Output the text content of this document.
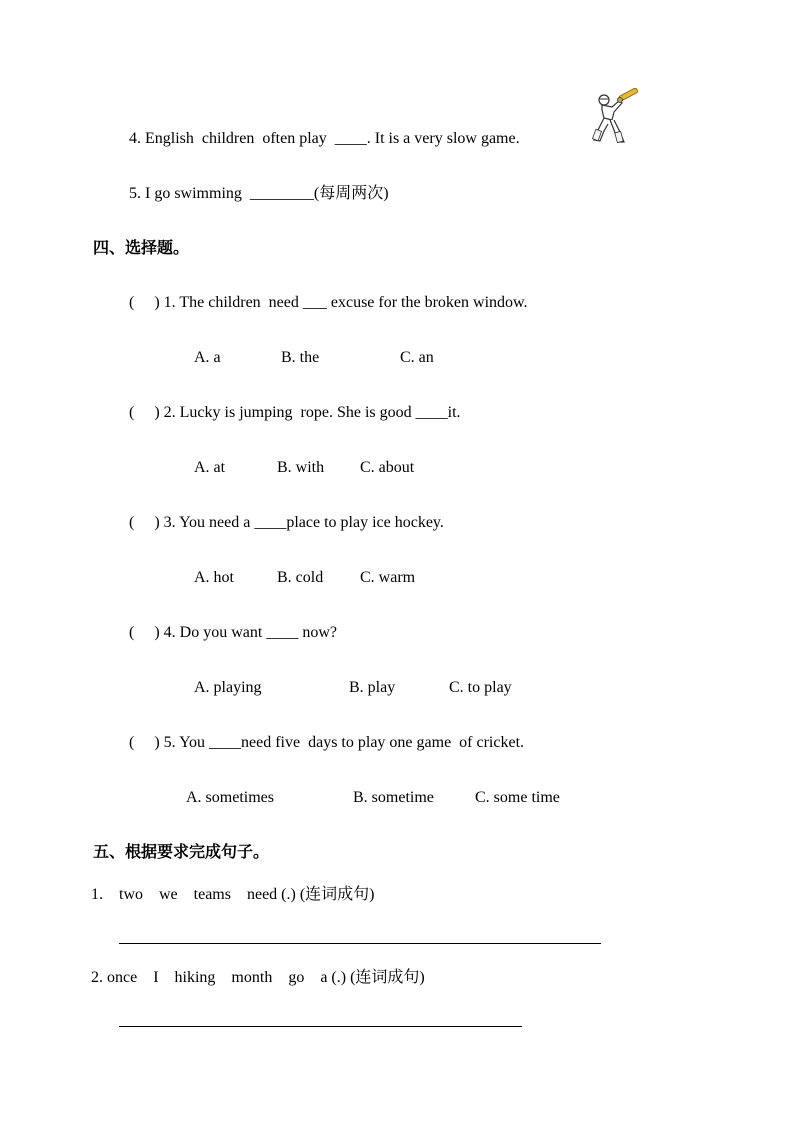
4. English  children  often play  ____. It is a very slow game.
5. I go swimming  ________(每周两次)
四、选择题。
(     ) 1. The children  need ___ excuse for the broken window.
A. a	B. the	C. an
(     ) 2. Lucky is jumping  rope. She is good ____it.
A. at	B. with C. about
(     ) 3. You need a ____place to play ice hockey.
A. hot	B. cold C. warm
(     ) 4. Do you want ____ now?
A. playing	B. play	C. to play
(     ) 5. You ____need five  days to play one game  of cricket.
A. sometimes	B. sometime	C. some time
五、根据要求完成句子。
1.    two    we    teams    need (.) (连词成句)
2. once    I    hiking    month    go    a (.) (连词成句)
